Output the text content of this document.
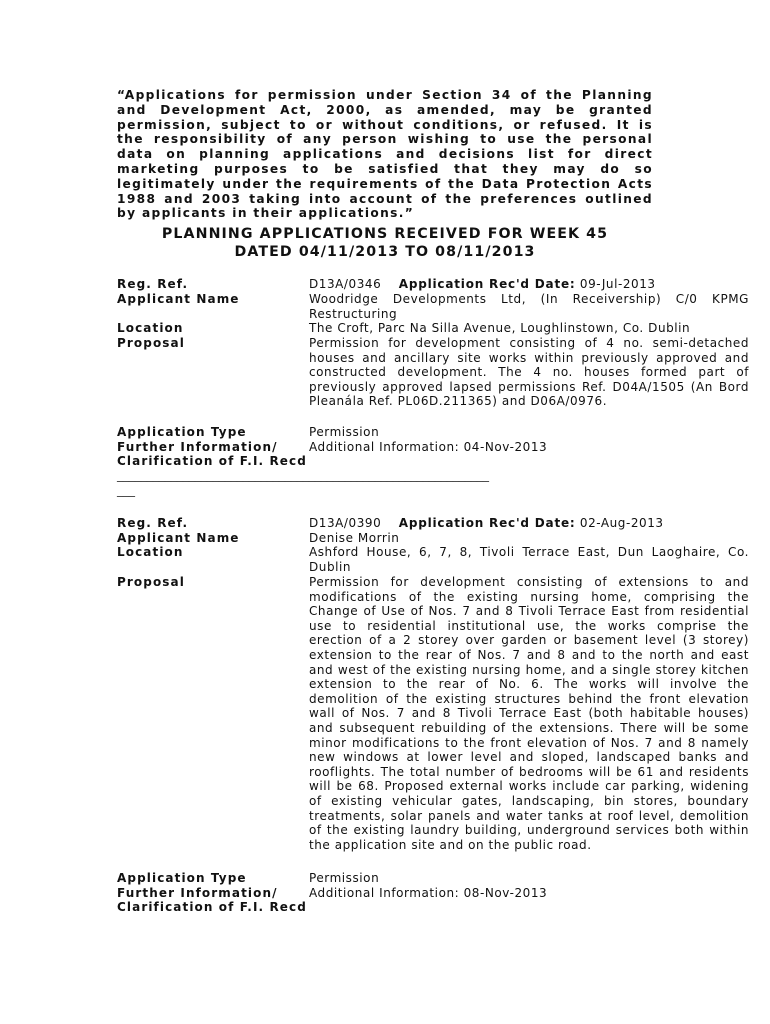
“Applications for permission under Section 34 of the Planning and Development Act, 2000, as amended, may be granted permission, subject to or without conditions, or refused. It is the responsibility of any person wishing to use the personal data on planning applications and decisions list for direct marketing purposes to be satisfied that they may do so legitimately under the requirements of the Data Protection Acts 1988 and 2003 taking into account of the preferences outlined by applicants in their applications.”
PLANNING APPLICATIONS RECEIVED FOR WEEK 45
DATED 04/11/2013 TO 08/11/2013
Reg. Ref.
Applicant Name
Location
Proposal
Application Type
Further Information/
Clarification of F.I. Recd
D13A/0346 Application Rec'd Date: 09-Jul-2013
Woodridge Developments Ltd, (In Receivership) C/0 KPMG Restructuring
The Croft, Parc Na Silla Avenue, Loughlinstown, Co. Dublin
Permission for development consisting of 4 no. semi-detached houses and ancillary site works within previously approved and constructed development. The 4 no. houses formed part of previously approved lapsed permissions Ref. D04A/1505 (An Bord Pleanála Ref. PL06D.211365) and D06A/0976.
Permission
Additional Information: 04-Nov-2013
______________________________________________________________
___
Reg. Ref.
Applicant Name
Location
Proposal
Application Type
Further Information/
Clarification of F.I. Recd
D13A/0390 Application Rec'd Date: 02-Aug-2013
Denise Morrin
Ashford House, 6, 7, 8, Tivoli Terrace East, Dun Laoghaire, Co. Dublin
Permission for development consisting of extensions to and modifications of the existing nursing home, comprising the Change of Use of Nos. 7 and 8 Tivoli Terrace East from residential use to residential institutional use, the works comprise the erection of a 2 storey over garden or basement level (3 storey) extension to the rear of Nos. 7 and 8 and to the north and east and west of the existing nursing home, and a single storey kitchen extension to the rear of No. 6. The works will involve the demolition of the existing structures behind the front elevation wall of Nos. 7 and 8 Tivoli Terrace East (both habitable houses) and subsequent rebuilding of the extensions. There will be some minor modifications to the front elevation of Nos. 7 and 8 namely new windows at lower level and sloped, landscaped banks and rooflights. The total number of bedrooms will be 61 and residents will be 68. Proposed external works include car parking, widening of existing vehicular gates, landscaping, bin stores, boundary treatments, solar panels and water tanks at roof level, demolition of the existing laundry building, underground services both within the application site and on the public road.
Permission
Additional Information: 08-Nov-2013
